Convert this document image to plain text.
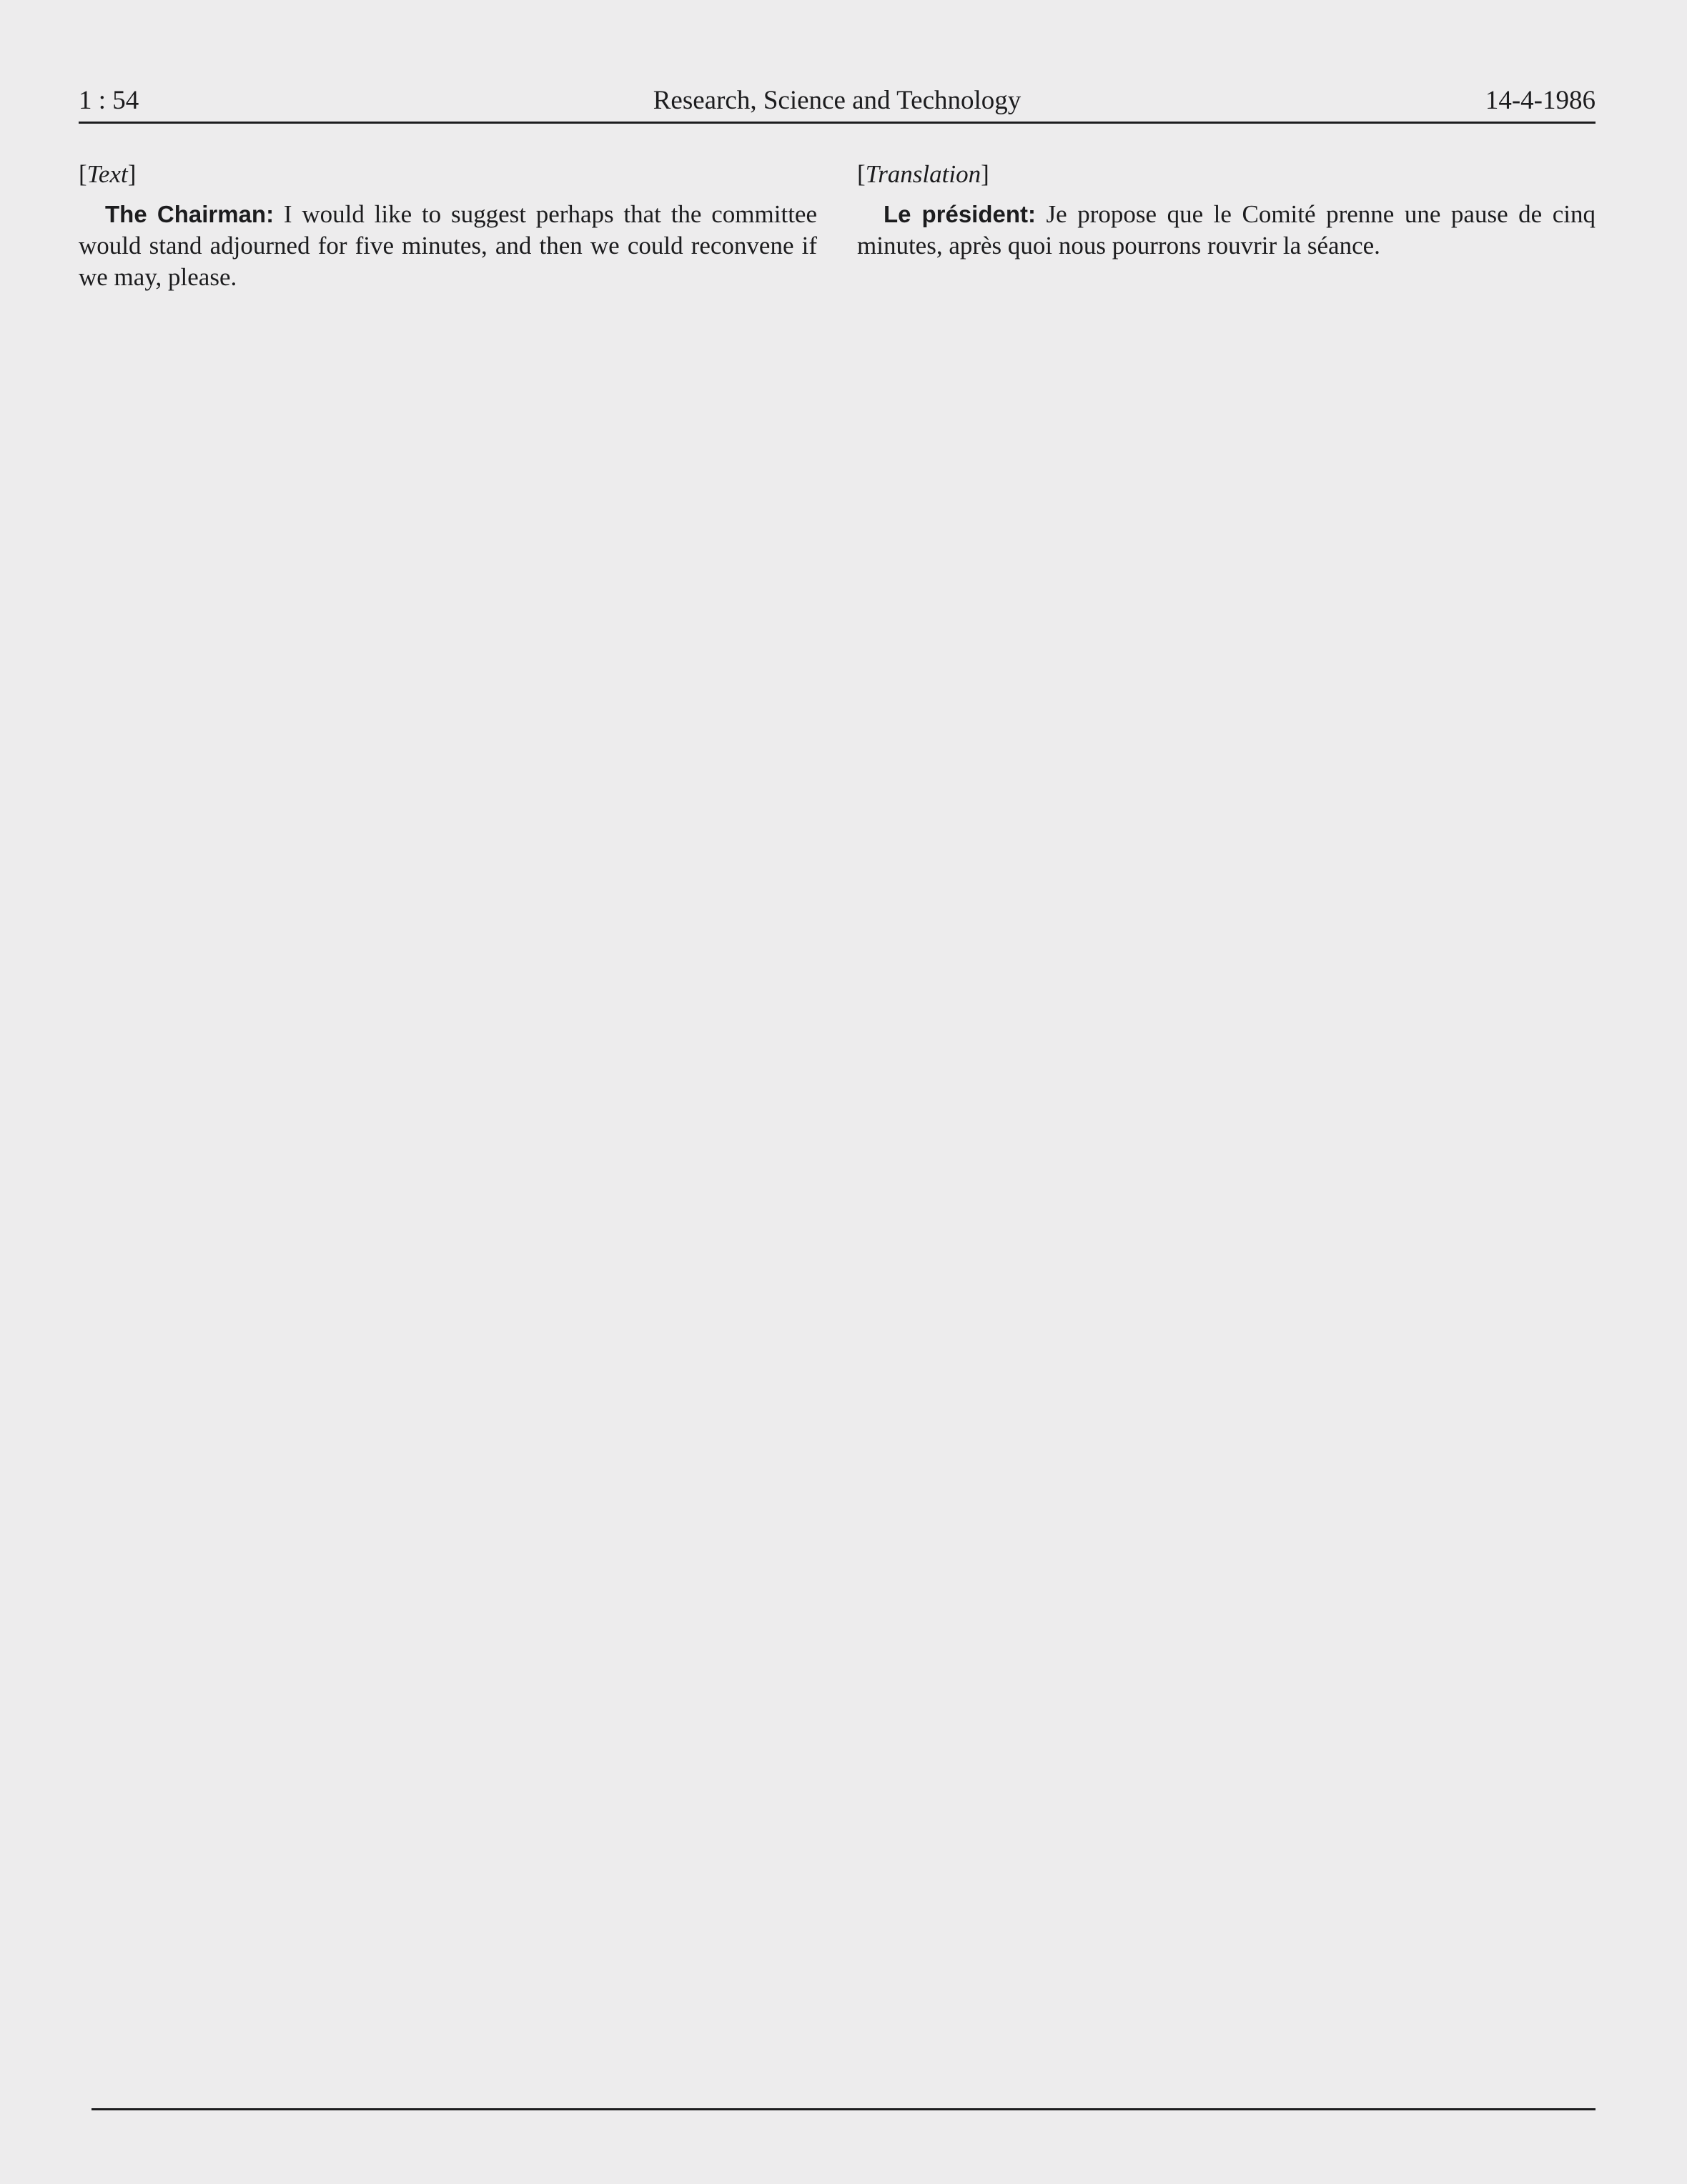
​

1 : 54	Research, Science and Technology	14-4-1986
[Text]

The Chairman: I would like to suggest perhaps that the committee would stand adjourned for five minutes, and then we could reconvene if we may, please.

[Translation]

Le président: Je propose que le Comité prenne une pause de cinq minutes, après quoi nous pourrons rouvrir la séance.
